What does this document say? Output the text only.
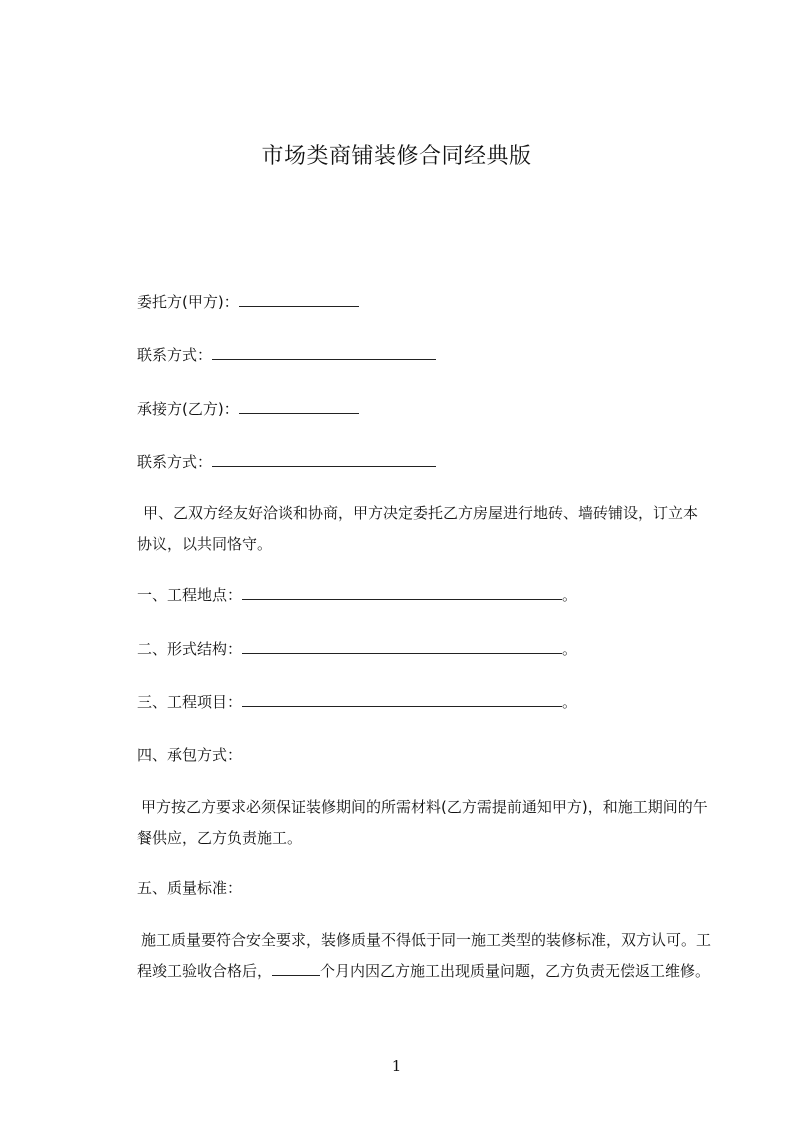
市场类商铺装修合同经典版
委托方(甲方)：
联系方式：
承接方(乙方)：
联系方式：

甲、乙双方经友好洽谈和协商，甲方决定委托乙方房屋进行地砖、墙砖铺设，订立本协议，以共同恪守。

一、工程地点：	。
二、形式结构：	。
三、工程项目：	。
四、承包方式：

甲方按乙方要求必须保证装修期间的所需材料(乙方需提前通知甲方)，和施工期间的午餐供应，乙方负责施工。

五、质量标准：

施工质量要符合安全要求，装修质量不得低于同一施工类型的装修标准，双方认可。工程竣工验收合格后，	个月内因乙方施工出现质量问题，乙方负责无偿返工维修。

1
